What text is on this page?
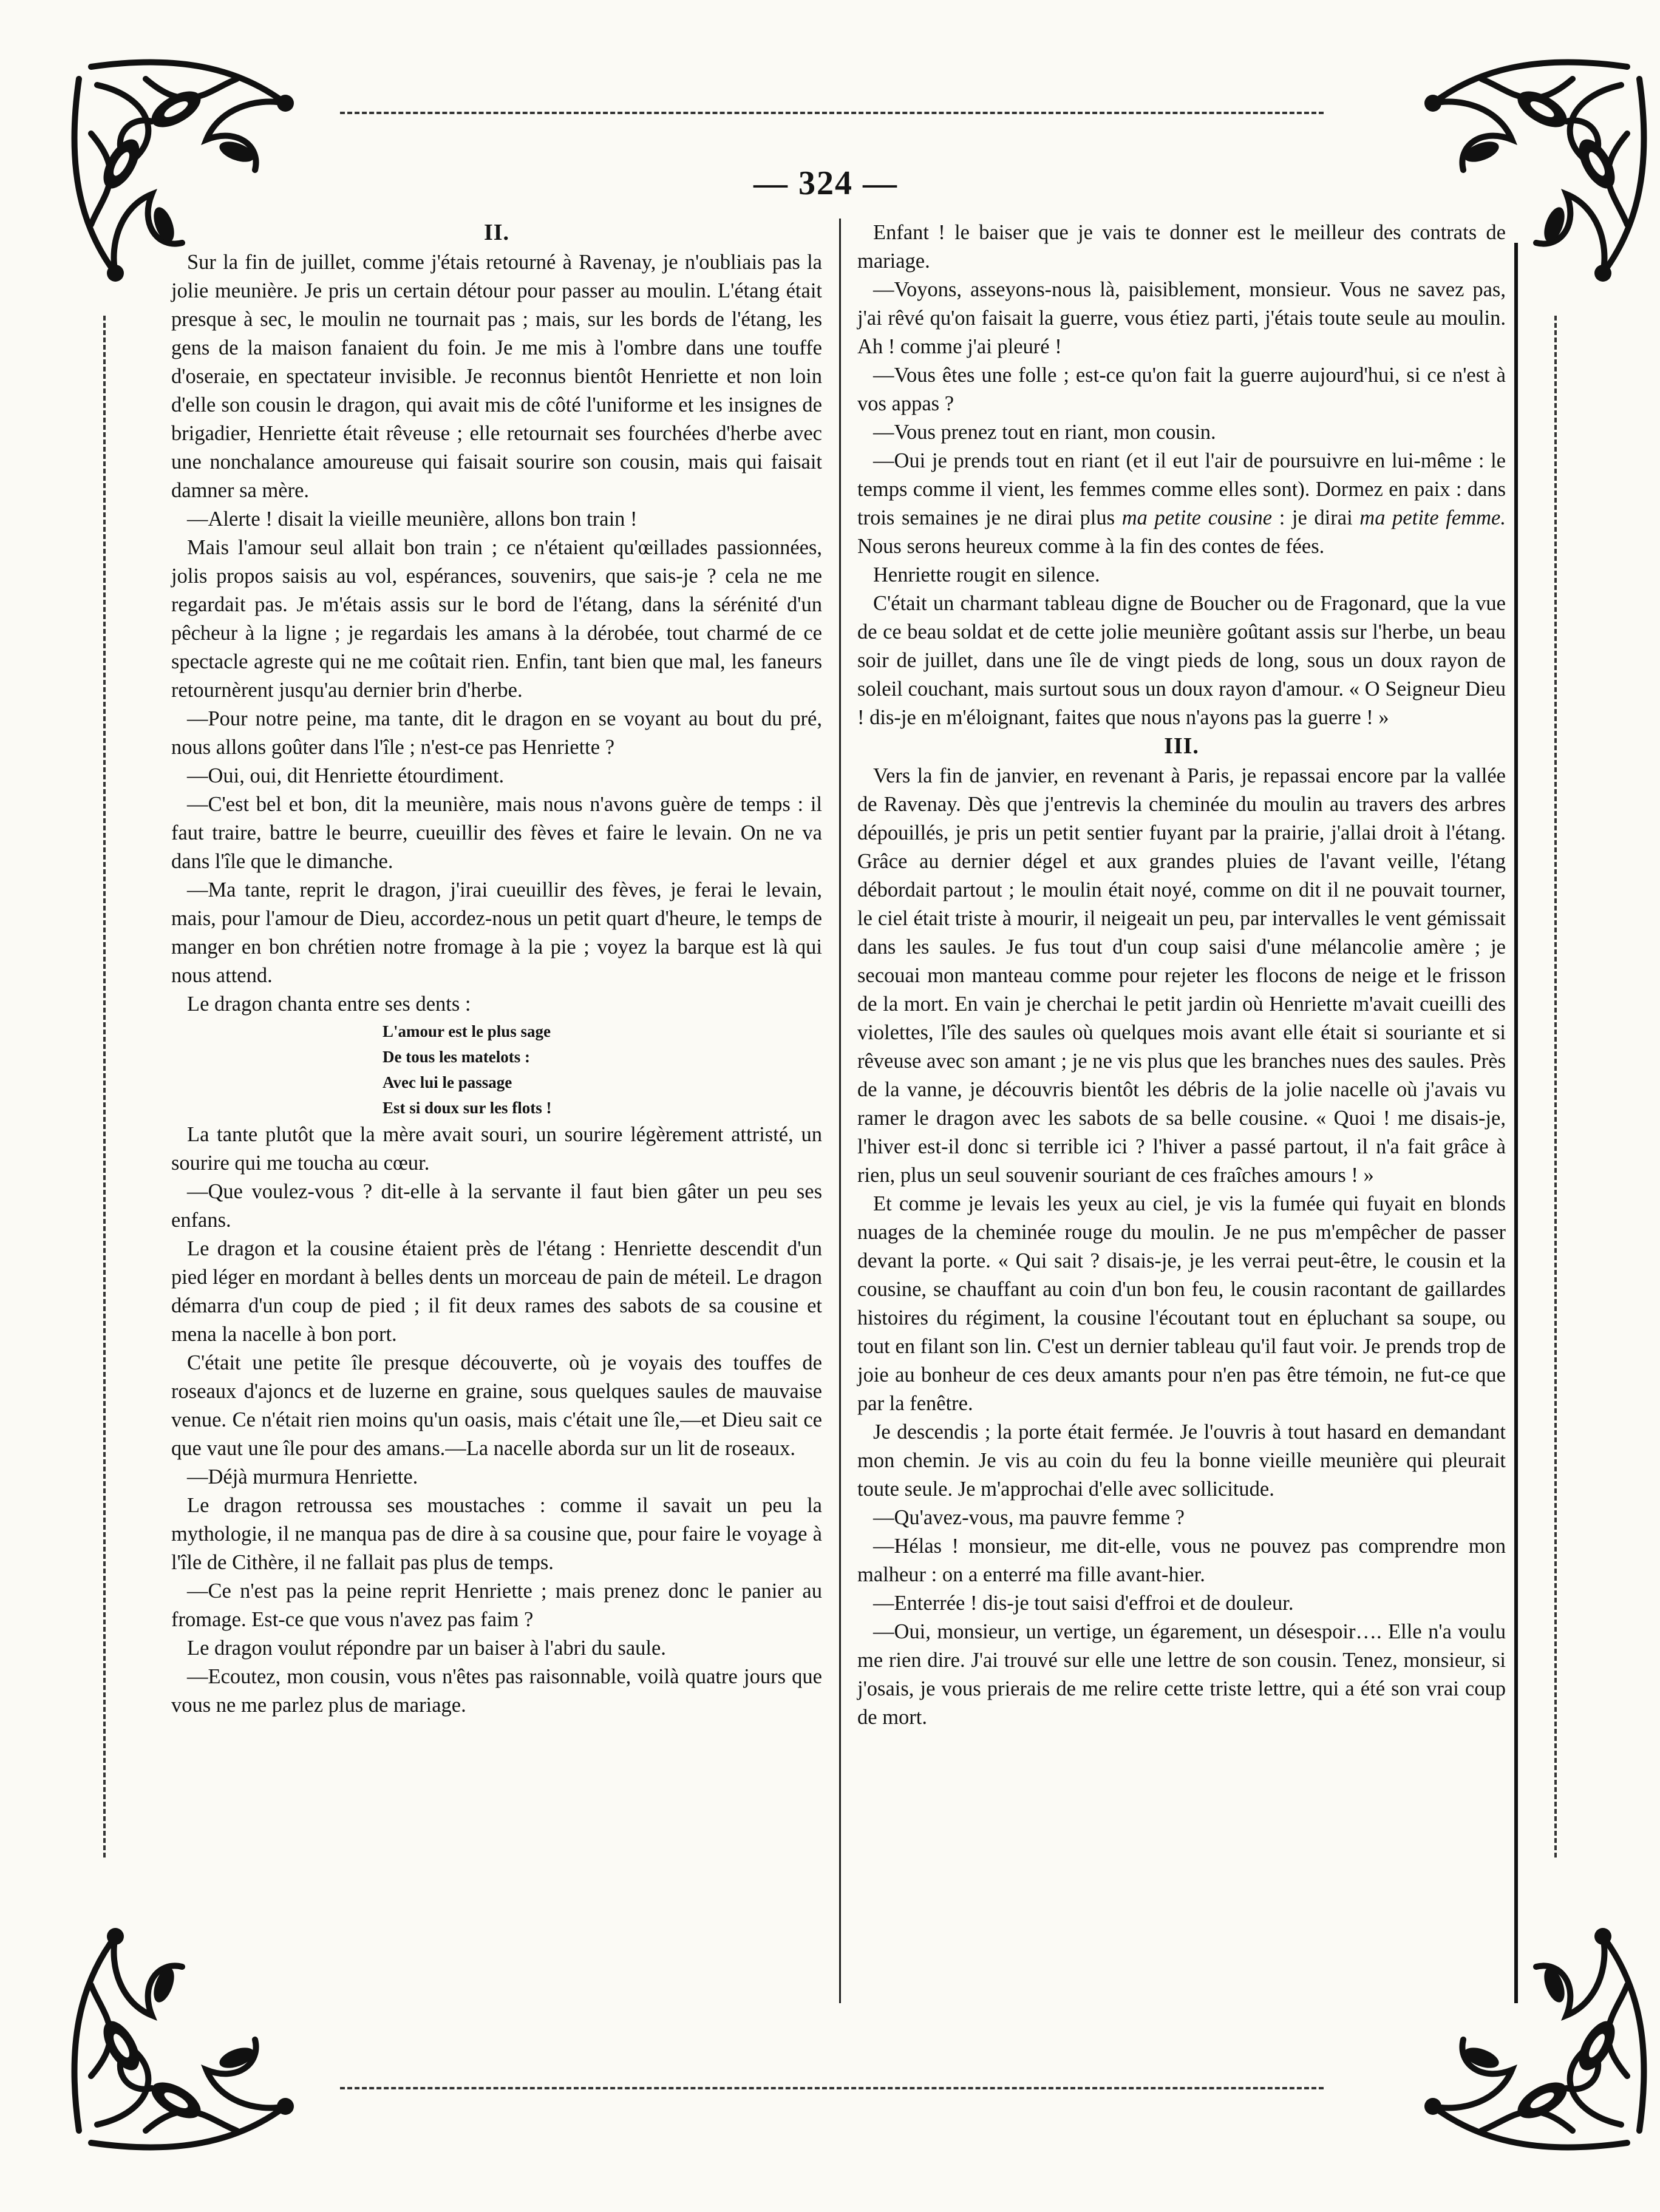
— 324 —
II.

Sur la fin de juillet, comme j'étais retourné à Ravenay, je n'oubliais pas la jolie meunière. Je pris un certain détour pour passer au moulin. L'étang était presque à sec, le moulin ne tournait pas ; mais, sur les bords de l'étang, les gens de la maison fanaient du foin. Je me mis à l'ombre dans une touffe d'oseraie, en spectateur invisible. Je reconnus bientôt Henriette et non loin d'elle son cousin le dragon, qui avait mis de côté l'uniforme et les insignes de brigadier, Henriette était rêveuse ; elle retournait ses fourchées d'herbe avec une nonchalance amoureuse qui faisait sourire son cousin, mais qui faisait damner sa mère.

—Alerte ! disait la vieille meunière, allons bon train !

Mais l'amour seul allait bon train ; ce n'étaient qu'œillades passionnées, jolis propos saisis au vol, espérances, souvenirs, que sais-je ? cela ne me regardait pas. Je m'étais assis sur le bord de l'étang, dans la sérénité d'un pêcheur à la ligne ; je regardais les amans à la dérobée, tout charmé de ce spectacle agreste qui ne me coûtait rien. Enfin, tant bien que mal, les faneurs retournèrent jusqu'au dernier brin d'herbe.

—Pour notre peine, ma tante, dit le dragon en se voyant au bout du pré, nous allons goûter dans l'île ; n'est-ce pas Henriette ?

—Oui, oui, dit Henriette étourdiment.

—C'est bel et bon, dit la meunière, mais nous n'avons guère de temps : il faut traire, battre le beurre, cueuillir des fèves et faire le levain. On ne va dans l'île que le dimanche.

—Ma tante, reprit le dragon, j'irai cueuillir des fèves, je ferai le levain, mais, pour l'amour de Dieu, accordez-nous un petit quart d'heure, le temps de manger en bon chrétien notre fromage à la pie ; voyez la barque est là qui nous attend.

Le dragon chanta entre ses dents :

L'amour est le plus sage
De tous les matelots :
Avec lui le passage
Est si doux sur les flots !

La tante plutôt que la mère avait souri, un sourire légèrement attristé, un sourire qui me toucha au cœur.

—Que voulez-vous ? dit-elle à la servante il faut bien gâter un peu ses enfans.

Le dragon et la cousine étaient près de l'étang : Henriette descendit d'un pied léger en mordant à belles dents un morceau de pain de méteil. Le dragon démarra d'un coup de pied ; il fit deux rames des sabots de sa cousine et mena la nacelle à bon port.

C'était une petite île presque découverte, où je voyais des touffes de roseaux d'ajoncs et de luzerne en graine, sous quelques saules de mauvaise venue. Ce n'était rien moins qu'un oasis, mais c'était une île,—et Dieu sait ce que vaut une île pour des amans.—La nacelle aborda sur un lit de roseaux.

—Déjà murmura Henriette.

Le dragon retroussa ses moustaches : comme il savait un peu la mythologie, il ne manqua pas de dire à sa cousine que, pour faire le voyage à l'île de Cithère, il ne fallait pas plus de temps.

—Ce n'est pas la peine reprit Henriette ; mais prenez donc le panier au fromage. Est-ce que vous n'avez pas faim ?

Le dragon voulut répondre par un baiser à l'abri du saule.

—Ecoutez, mon cousin, vous n'êtes pas raisonnable, voilà quatre jours que vous ne me parlez plus de mariage.

Enfant ! le baiser que je vais te donner est le meilleur des contrats de mariage.

—Voyons, asseyons-nous là, paisiblement, monsieur. Vous ne savez pas, j'ai rêvé qu'on faisait la guerre, vous étiez parti, j'étais toute seule au moulin. Ah ! comme j'ai pleuré !

—Vous êtes une folle ; est-ce qu'on fait la guerre aujourd'hui, si ce n'est à vos appas ?

—Vous prenez tout en riant, mon cousin.

—Oui je prends tout en riant (et il eut l'air de poursuivre en lui-même : le temps comme il vient, les femmes comme elles sont). Dormez en paix : dans trois semaines je ne dirai plus ma petite cousine : je dirai ma petite femme. Nous serons heureux comme à la fin des contes de fées.

Henriette rougit en silence.

C'était un charmant tableau digne de Boucher ou de Fragonard, que la vue de ce beau soldat et de cette jolie meunière goûtant assis sur l'herbe, un beau soir de juillet, dans une île de vingt pieds de long, sous un doux rayon de soleil couchant, mais surtout sous un doux rayon d'amour. « O Seigneur Dieu ! dis-je en m'éloignant, faites que nous n'ayons pas la guerre ! »

III.

Vers la fin de janvier, en revenant à Paris, je repassai encore par la vallée de Ravenay. Dès que j'entrevis la cheminée du moulin au travers des arbres dépouillés, je pris un petit sentier fuyant par la prairie, j'allai droit à l'étang. Grâce au dernier dégel et aux grandes pluies de l'avant veille, l'étang débordait partout ; le moulin était noyé, comme on dit il ne pouvait tourner, le ciel était triste à mourir, il neigeait un peu, par intervalles le vent gémissait dans les saules. Je fus tout d'un coup saisi d'une mélancolie amère ; je secouai mon manteau comme pour rejeter les flocons de neige et le frisson de la mort. En vain je cherchai le petit jardin où Henriette m'avait cueilli des violettes, l'île des saules où quelques mois avant elle était si souriante et si rêveuse avec son amant ; je ne vis plus que les branches nues des saules. Près de la vanne, je découvris bientôt les débris de la jolie nacelle où j'avais vu ramer le dragon avec les sabots de sa belle cousine. « Quoi ! me disais-je, l'hiver est-il donc si terrible ici ? l'hiver a passé partout, il n'a fait grâce à rien, plus un seul souvenir souriant de ces fraîches amours ! »

Et comme je levais les yeux au ciel, je vis la fumée qui fuyait en blonds nuages de la cheminée rouge du moulin. Je ne pus m'empêcher de passer devant la porte. « Qui sait ? disais-je, je les verrai peut-être, le cousin et la cousine, se chauffant au coin d'un bon feu, le cousin racontant de gaillardes histoires du régiment, la cousine l'écoutant tout en épluchant sa soupe, ou tout en filant son lin. C'est un dernier tableau qu'il faut voir. Je prends trop de joie au bonheur de ces deux amants pour n'en pas être témoin, ne fut-ce que par la fenêtre.

Je descendis ; la porte était fermée. Je l'ouvris à tout hasard en demandant mon chemin. Je vis au coin du feu la bonne vieille meunière qui pleurait toute seule. Je m'approchai d'elle avec sollicitude.

—Qu'avez-vous, ma pauvre femme ?

—Hélas ! monsieur, me dit-elle, vous ne pouvez pas comprendre mon malheur : on a enterré ma fille avant-hier.

—Enterrée ! dis-je tout saisi d'effroi et de douleur.

—Oui, monsieur, un vertige, un égarement, un désespoir…. Elle n'a voulu me rien dire. J'ai trouvé sur elle une lettre de son cousin. Tenez, monsieur, si j'osais, je vous prierais de me relire cette triste lettre, qui a été son vrai coup de mort.
